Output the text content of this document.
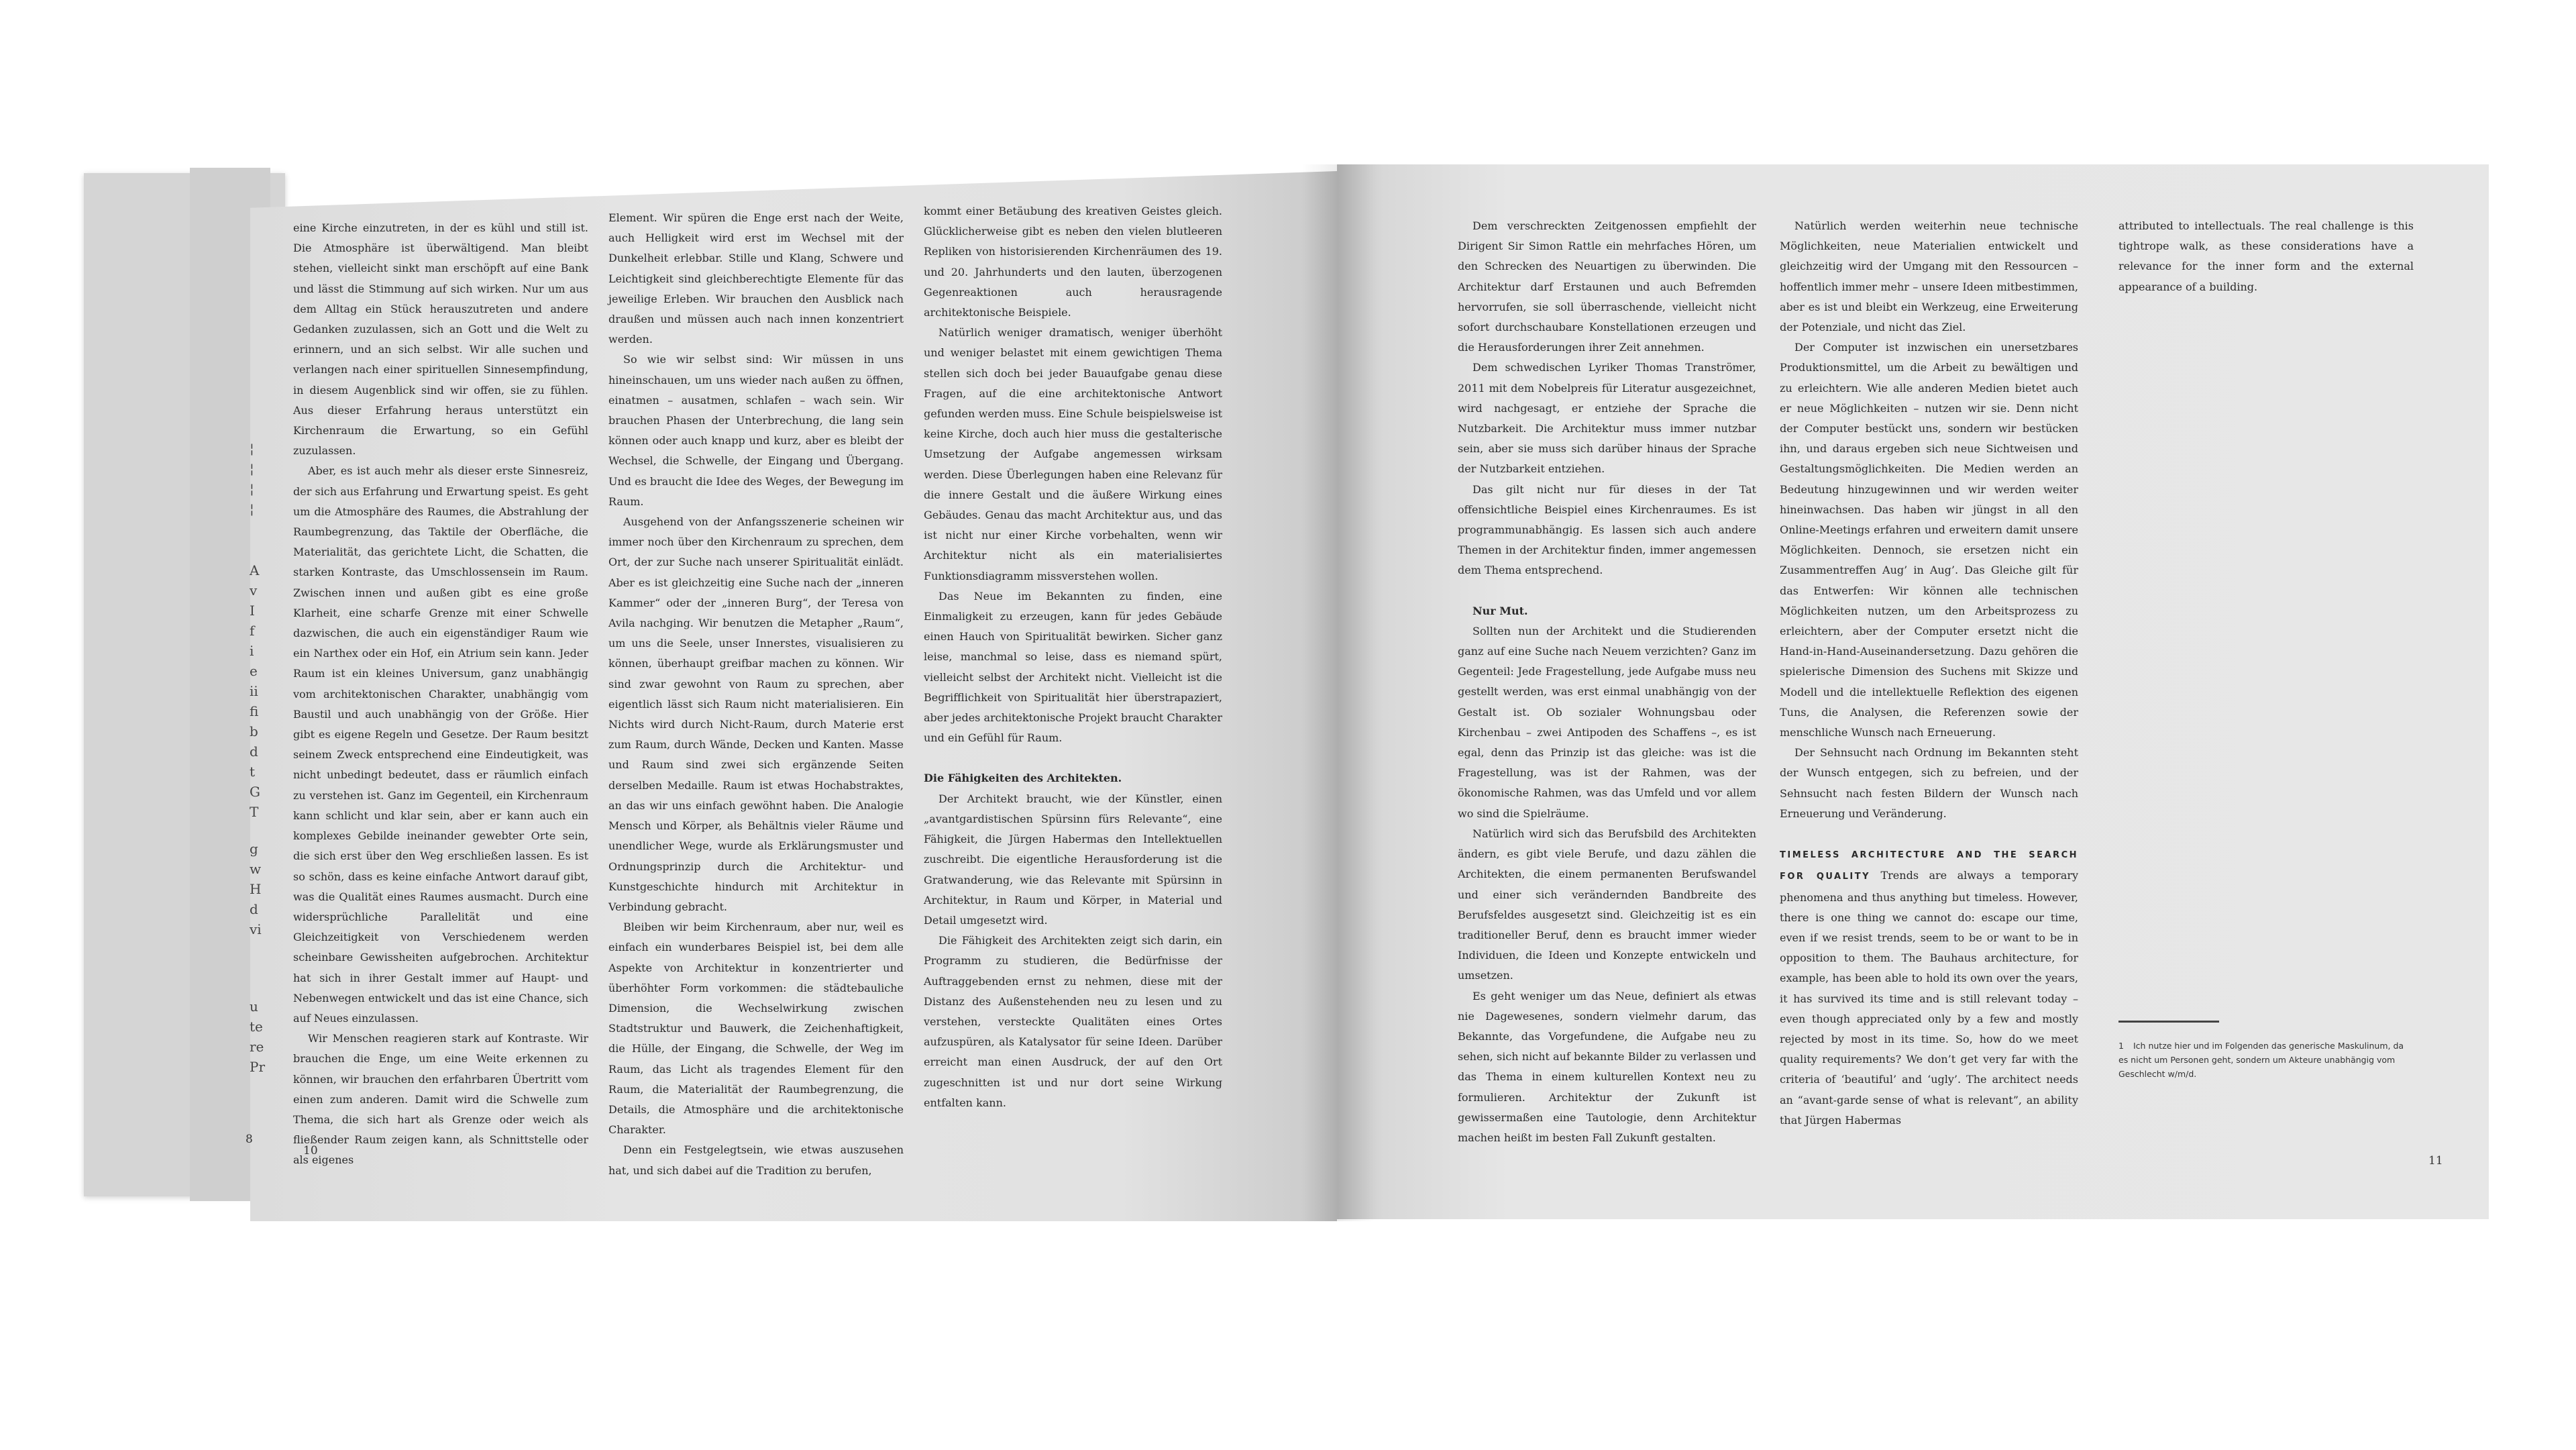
¦
¦
¦
¦
A
v
I
f
i
e
ii
fi
b
d
t
G
T
g
w
H
d
vi
u
te
re
Pr

eine Kirche einzutreten, in der es kühl und still ist. Die Atmosphäre ist überwältigend. Man bleibt stehen, vielleicht sinkt man erschöpft auf eine Bank und lässt die Stimmung auf sich wirken. Nur um aus dem Alltag ein Stück herauszutreten und andere Gedanken zuzulassen, sich an Gott und die Welt zu erinnern, und an sich selbst. Wir alle suchen und verlangen nach einer spirituellen Sinnesempfindung, in diesem Augenblick sind wir offen, sie zu fühlen. Aus dieser Erfahrung heraus unterstützt ein Kirchenraum die Erwartung, so ein Gefühl zuzulassen.

Aber, es ist auch mehr als dieser erste Sinnesreiz, der sich aus Erfahrung und Erwartung speist. Es geht um die Atmosphäre des Raumes, die Abstrahlung der Raumbegrenzung, das Taktile der Oberfläche, die Materialität, das gerichtete Licht, die Schatten, die starken Kontraste, das Umschlossensein im Raum. Zwischen innen und außen gibt es eine große Klarheit, eine scharfe Grenze mit einer Schwelle dazwischen, die auch ein eigenständiger Raum wie ein Narthex oder ein Hof, ein Atrium sein kann. Jeder Raum ist ein kleines Universum, ganz unabhängig vom architektonischen Charakter, unabhängig vom Baustil und auch unabhängig von der Größe. Hier gibt es eigene Regeln und Gesetze. Der Raum besitzt seinem Zweck entsprechend eine Eindeutigkeit, was nicht unbedingt bedeutet, dass er räumlich einfach zu verstehen ist. Ganz im Gegenteil, ein Kirchenraum kann schlicht und klar sein, aber er kann auch ein komplexes Gebilde ineinander gewebter Orte sein, die sich erst über den Weg erschließen lassen. Es ist so schön, dass es keine einfache Antwort darauf gibt, was die Qualität eines Raumes ausmacht. Durch eine widersprüchliche Parallelität und eine Gleichzeitigkeit von Verschiedenem werden scheinbare Gewissheiten aufgebrochen. Architektur hat sich in ihrer Gestalt immer auf Haupt- und Nebenwegen entwickelt und das ist eine Chance, sich auf Neues einzulassen.

Wir Menschen reagieren stark auf Kontraste. Wir brauchen die Enge, um eine Weite erkennen zu können, wir brauchen den erfahrbaren Übertritt vom einen zum anderen. Damit wird die Schwelle zum Thema, die sich hart als Grenze oder weich als fließender Raum zeigen kann, als Schnittstelle oder als eigenes

Element. Wir spüren die Enge erst nach der Weite, auch Helligkeit wird erst im Wechsel mit der Dunkelheit erlebbar. Stille und Klang, Schwere und Leichtigkeit sind gleichberechtigte Elemente für das jeweilige Erleben. Wir brauchen den Ausblick nach draußen und müssen auch nach innen konzentriert werden.

So wie wir selbst sind: Wir müssen in uns hineinschauen, um uns wieder nach außen zu öffnen, einatmen – ausatmen, schlafen – wach sein. Wir brauchen Phasen der Unterbrechung, die lang sein können oder auch knapp und kurz, aber es bleibt der Wechsel, die Schwelle, der Eingang und Übergang. Und es braucht die Idee des Weges, der Bewegung im Raum.

Ausgehend von der Anfangsszenerie scheinen wir immer noch über den Kirchenraum zu sprechen, dem Ort, der zur Suche nach unserer Spiritualität einlädt. Aber es ist gleichzeitig eine Suche nach der „inneren Kammer“ oder der „inneren Burg“, der Teresa von Avila nachging. Wir benutzen die Metapher „Raum“, um uns die Seele, unser Innerstes, visualisieren zu können, überhaupt greifbar machen zu können. Wir sind zwar gewohnt von Raum zu sprechen, aber eigentlich lässt sich Raum nicht materialisieren. Ein Nichts wird durch Nicht-Raum, durch Materie erst zum Raum, durch Wände, Decken und Kanten. Masse und Raum sind zwei sich ergänzende Seiten derselben Medaille. Raum ist etwas Hochabstraktes, an das wir uns einfach gewöhnt haben. Die Analogie Mensch und Körper, als Behältnis vieler Räume und unendlicher Wege, wurde als Erklärungsmuster und Ordnungsprinzip durch die Architektur- und Kunstgeschichte hindurch mit Architektur in Verbindung gebracht.

Bleiben wir beim Kirchenraum, aber nur, weil es einfach ein wunderbares Beispiel ist, bei dem alle Aspekte von Architektur in konzentrierter und überhöhter Form vorkommen: die städtebauliche Dimension, die Wechselwirkung zwischen Stadtstruktur und Bauwerk, die Zeichenhaftigkeit, die Hülle, der Eingang, die Schwelle, der Weg im Raum, das Licht als tragendes Element für den Raum, die Materialität der Raumbegrenzung, die Details, die Atmosphäre und die architektonische Charakter.

Denn ein Festgelegtsein, wie etwas auszusehen hat, und sich dabei auf die Tradition zu berufen,

kommt einer Betäubung des kreativen Geistes gleich. Glücklicherweise gibt es neben den vielen blutleeren Repliken von historisierenden Kirchenräumen des 19. und 20. Jahrhunderts und den lauten, überzogenen Gegenreaktionen auch herausragende architektonische Beispiele.

Natürlich weniger dramatisch, weniger überhöht und weniger belastet mit einem gewichtigen Thema stellen sich doch bei jeder Bauaufgabe genau diese Fragen, auf die eine architektonische Antwort gefunden werden muss. Eine Schule beispielsweise ist keine Kirche, doch auch hier muss die gestalterische Umsetzung der Aufgabe angemessen wirksam werden. Diese Überlegungen haben eine Relevanz für die innere Gestalt und die äußere Wirkung eines Gebäudes. Genau das macht Architektur aus, und das ist nicht nur einer Kirche vorbehalten, wenn wir Architektur nicht als ein materialisiertes Funktionsdiagramm missverstehen wollen.

Das Neue im Bekannten zu finden, eine Einmaligkeit zu erzeugen, kann für jedes Gebäude einen Hauch von Spiritualität bewirken. Sicher ganz leise, manchmal so leise, dass es niemand spürt, vielleicht selbst der Architekt nicht. Vielleicht ist die Begrifflichkeit von Spiritualität hier überstrapaziert, aber jedes architektonische Projekt braucht Charakter und ein Gefühl für Raum.

Die Fähigkeiten des Architekten.

Der Architekt braucht, wie der Künstler, einen „avantgardistischen Spürsinn fürs Relevante“, eine Fähigkeit, die Jürgen Habermas den Intellektuellen zuschreibt. Die eigentliche Herausforderung ist die Gratwanderung, wie das Relevante mit Spürsinn in Architektur, in Raum und Körper, in Material und Detail umgesetzt wird.

Die Fähigkeit des Architekten zeigt sich darin, ein Programm zu studieren, die Bedürfnisse der Auftraggebenden ernst zu nehmen, diese mit der Distanz des Außenstehenden neu zu lesen und zu verstehen, versteckte Qualitäten eines Ortes aufzuspüren, als Katalysator für seine Ideen. Darüber erreicht man einen Ausdruck, der auf den Ort zugeschnitten ist und nur dort seine Wirkung entfalten kann.

Dem verschreckten Zeitgenossen empfiehlt der Dirigent Sir Simon Rattle ein mehrfaches Hören, um den Schrecken des Neuartigen zu überwinden. Die Architektur darf Erstaunen und auch Befremden hervorrufen, sie soll überraschende, vielleicht nicht sofort durchschaubare Konstellationen erzeugen und die Herausforderungen ihrer Zeit annehmen.

Dem schwedischen Lyriker Thomas Tranströmer, 2011 mit dem Nobelpreis für Literatur ausgezeichnet, wird nachgesagt, er entziehe der Sprache die Nutzbarkeit. Die Architektur muss immer nutzbar sein, aber sie muss sich darüber hinaus der Sprache der Nutzbarkeit entziehen.

Das gilt nicht nur für dieses in der Tat offensichtliche Beispiel eines Kirchenraumes. Es ist programmunabhängig. Es lassen sich auch andere Themen in der Architektur finden, immer angemessen dem Thema entsprechend.

Nur Mut.

Sollten nun der Architekt und die Studierenden ganz auf eine Suche nach Neuem verzichten? Ganz im Gegenteil: Jede Fragestellung, jede Aufgabe muss neu gestellt werden, was erst einmal unabhängig von der Gestalt ist. Ob sozialer Wohnungsbau oder Kirchenbau – zwei Antipoden des Schaffens –, es ist egal, denn das Prinzip ist das gleiche: was ist die Fragestellung, was ist der Rahmen, was der ökonomische Rahmen, was das Umfeld und vor allem wo sind die Spielräume.

Natürlich wird sich das Berufsbild des Architekten ändern, es gibt viele Berufe, und dazu zählen die Architekten, die einem permanenten Berufswandel und einer sich verändernden Bandbreite des Berufsfeldes ausgesetzt sind. Gleichzeitig ist es ein traditioneller Beruf, denn es braucht immer wieder Individuen, die Ideen und Konzepte entwickeln und umsetzen.

Es geht weniger um das Neue, definiert als etwas nie Dagewesenes, sondern vielmehr darum, das Bekannte, das Vorgefundene, die Aufgabe neu zu sehen, sich nicht auf bekannte Bilder zu verlassen und das Thema in einem kulturellen Kontext neu zu formulieren. Architektur der Zukunft ist gewissermaßen eine Tautologie, denn Architektur machen heißt im besten Fall Zukunft gestalten.

Natürlich werden weiterhin neue technische Möglichkeiten, neue Materialien entwickelt und gleichzeitig wird der Umgang mit den Ressourcen – hoffentlich immer mehr – unsere Ideen mitbestimmen, aber es ist und bleibt ein Werkzeug, eine Erweiterung der Potenziale, und nicht das Ziel.

Der Computer ist inzwischen ein unersetzbares Produktionsmittel, um die Arbeit zu bewältigen und zu erleichtern. Wie alle anderen Medien bietet auch er neue Möglichkeiten – nutzen wir sie. Denn nicht der Computer bestückt uns, sondern wir bestücken ihn, und daraus ergeben sich neue Sichtweisen und Gestaltungsmöglichkeiten. Die Medien werden an Bedeutung hinzugewinnen und wir werden weiter hineinwachsen. Das haben wir jüngst in all den Online-Meetings erfahren und erweitern damit unsere Möglichkeiten. Dennoch, sie ersetzen nicht ein Zusammentreffen Aug’ in Aug’. Das Gleiche gilt für das Entwerfen: Wir können alle technischen Möglichkeiten nutzen, um den Arbeitsprozess zu erleichtern, aber der Computer ersetzt nicht die Hand-in-Hand-Auseinandersetzung. Dazu gehören die spielerische Dimension des Suchens mit Skizze und Modell und die intellektuelle Reflektion des eigenen Tuns, die Analysen, die Referenzen sowie der menschliche Wunsch nach Erneuerung.

Der Sehnsucht nach Ordnung im Bekannten steht der Wunsch entgegen, sich zu befreien, und der Sehnsucht nach festen Bildern der Wunsch nach Erneuerung und Veränderung.

TIMELESS ARCHITECTURE AND THE SEARCH FOR QUALITY Trends are always a temporary phenomena and thus anything but timeless. However, there is one thing we cannot do: escape our time, even if we resist trends, seem to be or want to be in opposition to them. The Bauhaus architecture, for example, has been able to hold its own over the years, it has survived its time and is still relevant today – even though appreciated only by a few and mostly rejected by most in its time. So, how do we meet quality requirements? We don’t get very far with the criteria of ‘beautiful’ and ‘ugly’. The architect needs an “avant-garde sense of what is relevant”, an ability that Jürgen Habermas

attributed to intellectuals. The real challenge is this tightrope walk, as these considerations have a relevance for the inner form and the external appearance of a building.

1 Ich nutze hier und im Folgenden das generische Maskulinum, da es nicht um Personen geht, sondern um Akteure unabhängig vom Geschlecht w/m/d.
8
10
11
